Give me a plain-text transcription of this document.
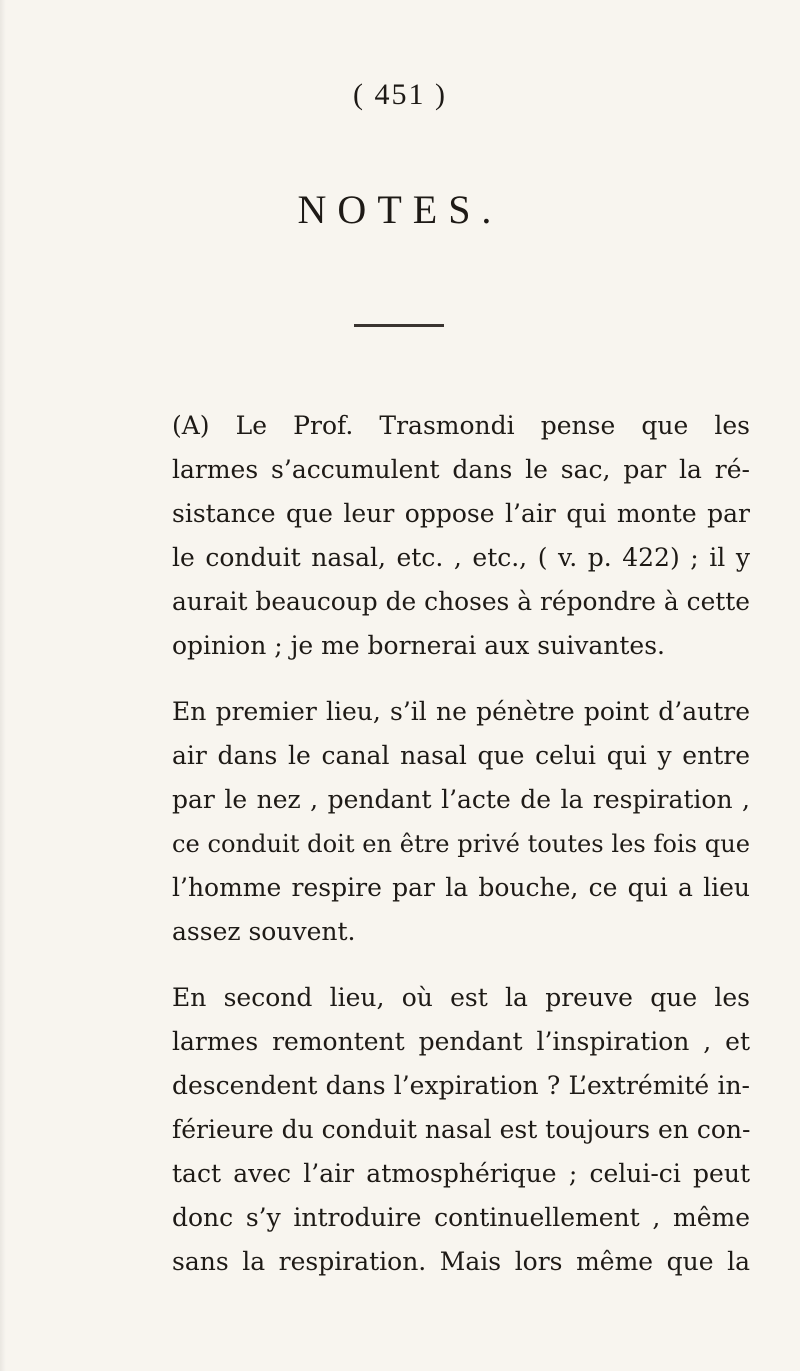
( 451 )
NOTES.
(A) Le Prof. Trasmondi pense que les
larmes s’accumulent dans le sac, par la ré-
sistance que leur oppose l’air qui monte par
le conduit nasal, etc. , etc., ( v. p. 422) ; il y
aurait beaucoup de choses à répondre à cette
opinion ; je me bornerai aux suivantes.
En premier lieu, s’il ne pénètre point d’autre
air dans le canal nasal que celui qui y entre
par le nez , pendant l’acte de la respiration ,
ce conduit doit en être privé toutes les fois que
l’homme respire par la bouche, ce qui a lieu
assez souvent.
En second lieu, où est la preuve que les
larmes remontent pendant l’inspiration , et
descendent dans l’expiration ? L’extrémité in-
férieure du conduit nasal est toujours en con-
tact avec l’air atmosphérique ; celui-ci peut
donc s’y introduire continuellement , même
sans la respiration. Mais lors même que la
